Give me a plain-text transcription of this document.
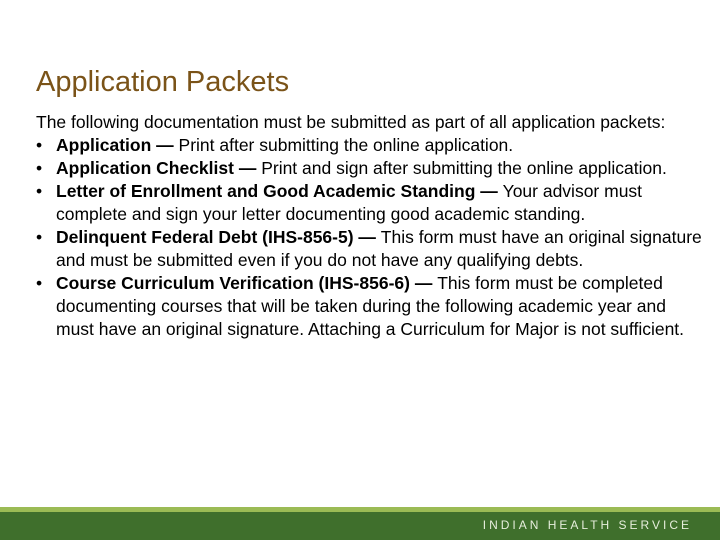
Application Packets

The following documentation must be submitted as part of all application packets:

• Application — Print after submitting the online application.
• Application Checklist — Print and sign after submitting the online application.
• Letter of Enrollment and Good Academic Standing — Your advisor must complete and sign your letter documenting good academic standing.
• Delinquent Federal Debt (IHS-856-5) — This form must have an original signature and must be submitted even if you do not have any qualifying debts.
• Course Curriculum Verification (IHS-856-6) — This form must be completed documenting courses that will be taken during the following academic year and must have an original signature. Attaching a Curriculum for Major is not sufficient.
INDIAN HEALTH SERVICE
